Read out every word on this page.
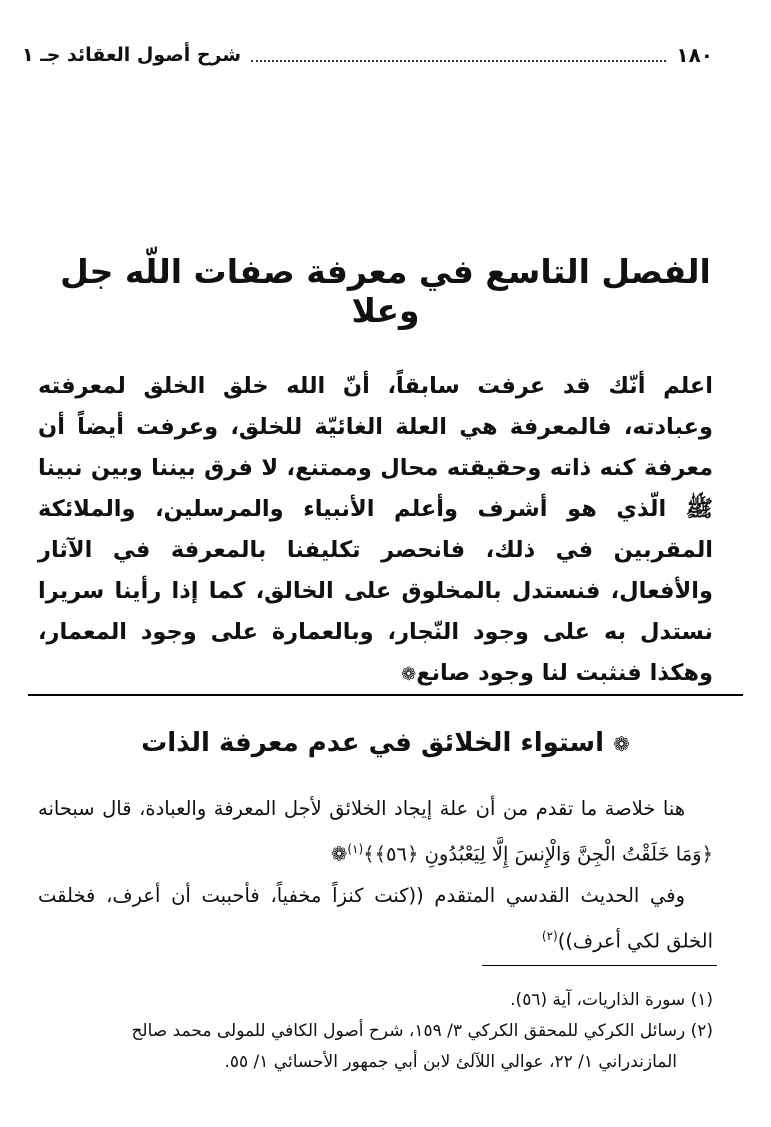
١٨٠
شرح أصول العقائد جـ ١
الفصل التاسع في معرفة صفات اللّه جل وعلا
اعلم أنّك قد عرفت سابقاً، أنّ الله خلق الخلق لمعرفته وعبادته، فالمعرفة هي العلة الغائيّة للخلق، وعرفت أيضاً أن معرفة كنه ذاته وحقيقته محال وممتنع، لا فرق بيننا وبين نبينا ﷺ الّذي هو أشرف وأعلم الأنبياء والمرسلين، والملائكة المقربين في ذلك، فانحصر تكليفنا بالمعرفة في الآثار والأفعال، فنستدل بالمخلوق على الخالق، كما إذا رأينا سريرا نستدل به على وجود النّجار، وبالعمارة على وجود المعمار، وهكذا فنثبت لنا وجود صانع❁
❁ استواء الخلائق في عدم معرفة الذات

هنا خلاصة ما تقدم من أن علة إيجاد الخلائق لأجل المعرفة والعبادة، قال سبحانه ﴿وَمَا خَلَقْتُ الْجِنَّ وَالْإِنسَ إِلَّا لِيَعْبُدُونِ ﴿٥٦﴾﴾$^{(١)}$❁

وفي الحديث القدسي المتقدم ((كنت كنزاً مخفياً، فأحببت أن أعرف، فخلقت الخلق لكي أعرف))$^{(٢)}$

(١) سورة الذاريات، آية (٥٦).

(٢) رسائل الكركي للمحقق الكركي ٣/ ١٥٩، شرح أصول الكافي للمولى محمد صالح

المازندراني ١/ ٢٢، عوالي اللآلئ لابن أبي جمهور الأحسائي ١/ ٥٥.
